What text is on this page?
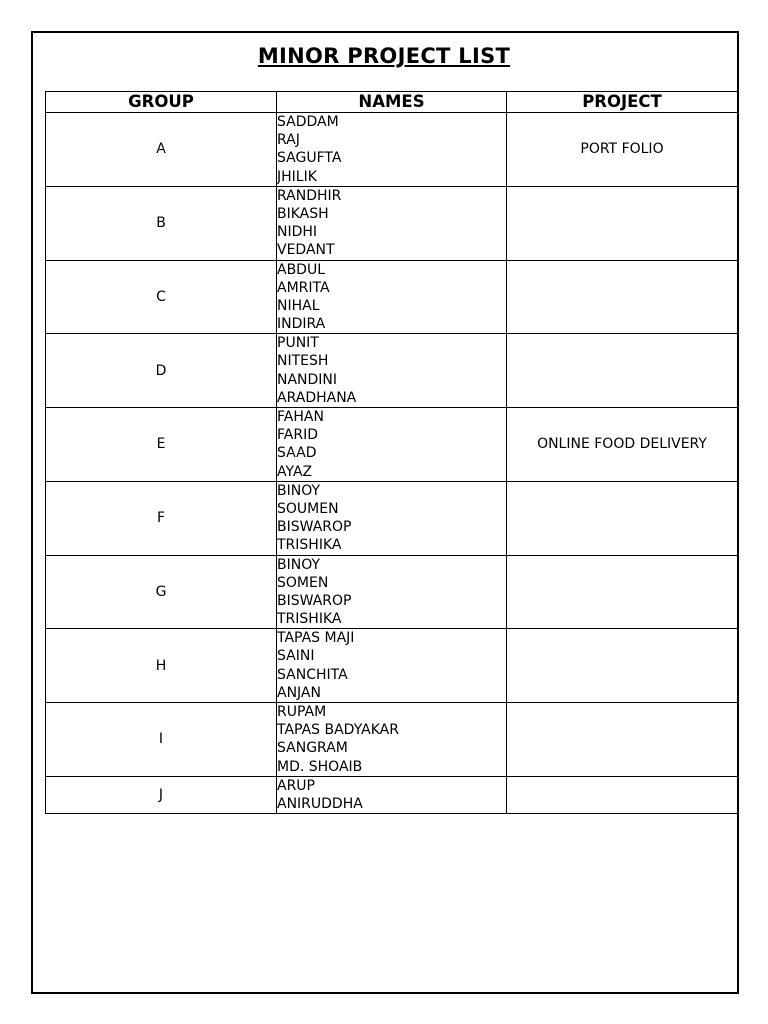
MINOR PROJECT LIST
GROUP	NAMES	PROJECT
A	SADDAM
RAJ
SAGUFTA
JHILIK	PORT FOLIO
B	RANDHIR
BIKASH
NIDHI
VEDANT	

C	ABDUL
AMRITA
NIHAL
INDIRA	

D	PUNIT
NITESH
NANDINI
ARADHANA	

E	FAHAN
FARID
SAAD
AYAZ	ONLINE FOOD DELIVERY
F	BINOY
SOUMEN
BISWAROP
TRISHIKA	

G	BINOY
SOMEN
BISWAROP
TRISHIKA	

H	TAPAS MAJI
SAINI
SANCHITA
ANJAN	

I	RUPAM
TAPAS BADYAKAR
SANGRAM
MD. SHOAIB	

J	ARUP
ANIRUDDHA	
